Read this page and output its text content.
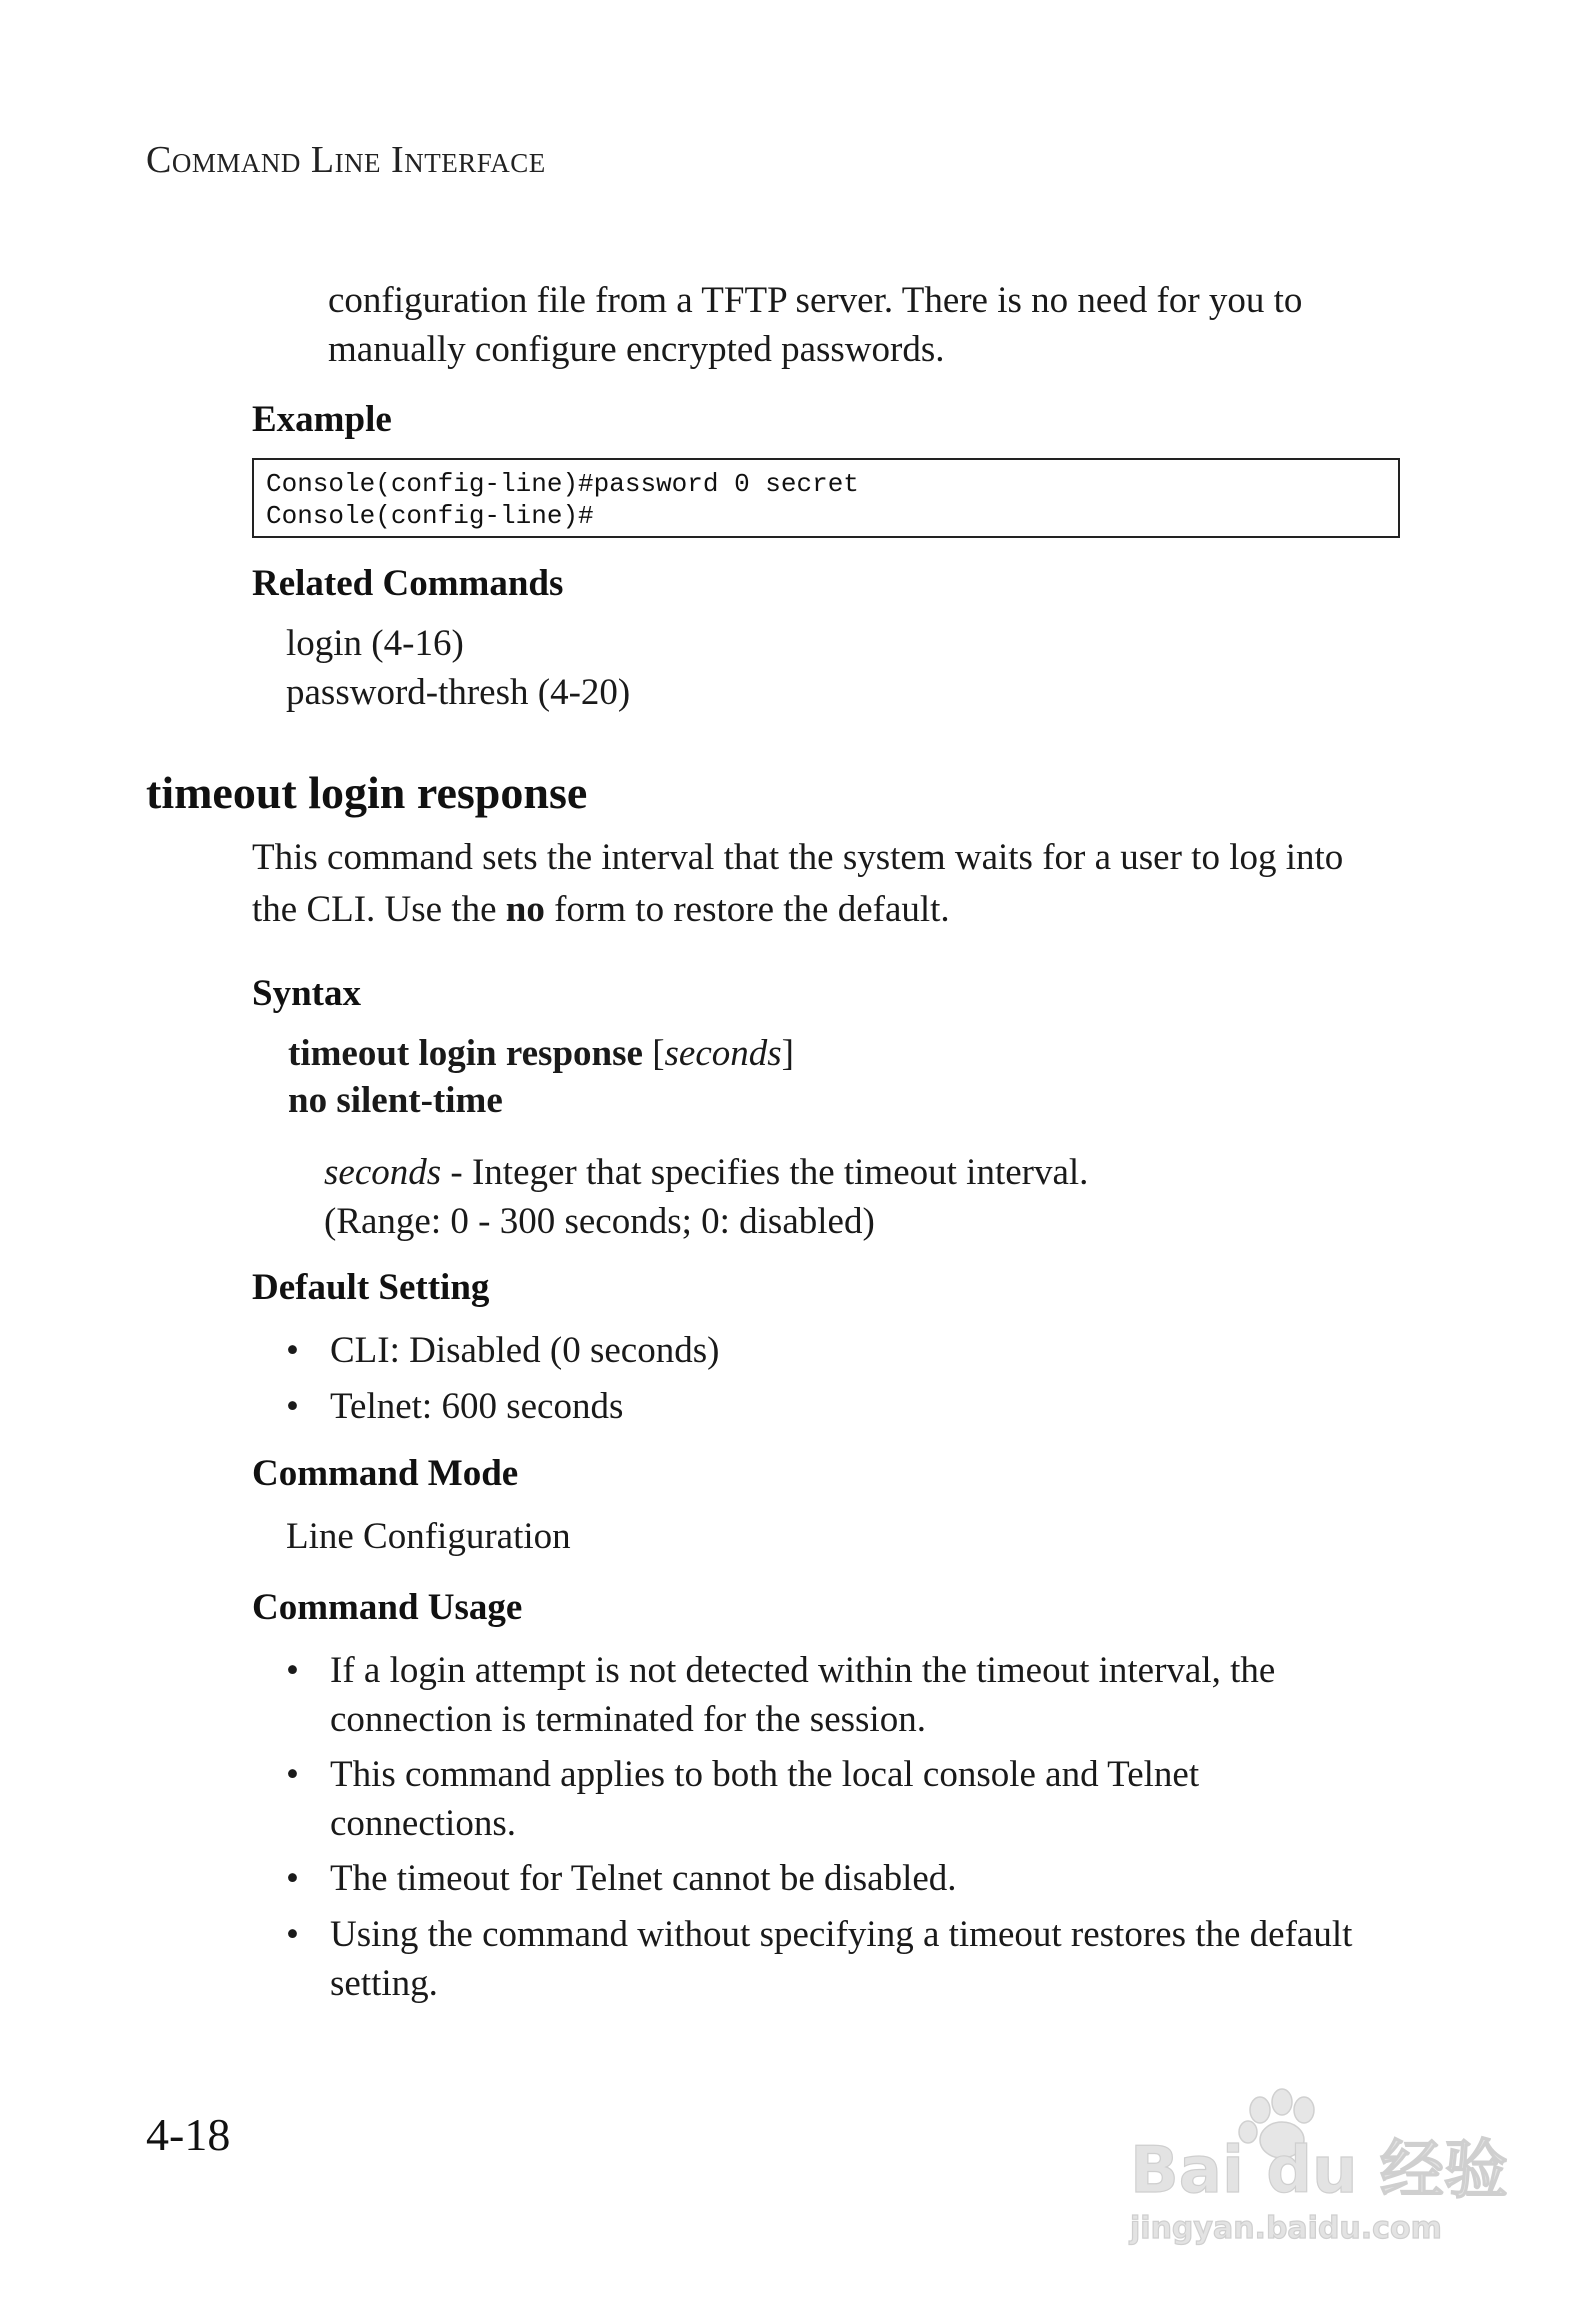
Command Line Interface
configuration file from a TFTP server. There is no need for you to
manually configure encrypted passwords.
Example
Console(config-line)#password 0 secret
Console(config-line)#
Related Commands
login (4-16)
password-thresh (4-20)
timeout login response
This command sets the interval that the system waits for a user to log into
the CLI. Use the no form to restore the default.
Syntax
timeout login response [seconds]
no silent-time
seconds - Integer that specifies the timeout interval.
(Range: 0 - 300 seconds; 0: disabled)
Default Setting
• CLI: Disabled (0 seconds)
• Telnet: 600 seconds
Command Mode
Line Configuration
Command Usage
• If a login attempt is not detected within the timeout interval, the
connection is terminated for the session.
• This command applies to both the local console and Telnet
connections.
• The timeout for Telnet cannot be disabled.
• Using the command without specifying a timeout restores the default
setting.
4-18	Bai du 经验
jingyan.baidu.com
